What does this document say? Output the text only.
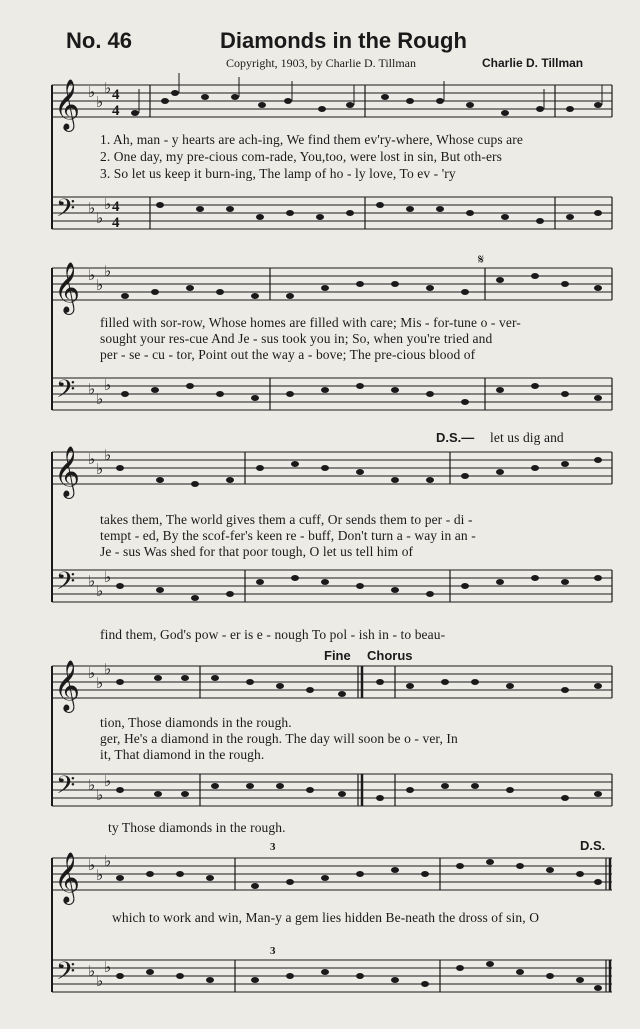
No. 46	Diamonds in the Rough
Copyright, 1903, by Charlie D. Tillman	Charlie D. Tillman
𝄞
𝄢
♭
♭
♭
♭
♭
♭
4
4
4
4
1. Ah, man - y hearts are ach-ing, We find them ev'ry-where, Whose cups are
2. One day, my pre-cious com-rade, You,too, were lost in sin, But oth-ers
3. So let us keep it burn-ing, The lamp of ho - ly love, To ev - 'ry
𝄞
𝄢
♭
♭
♭
♭
♭
♭
𝄋
filled with sor-row, Whose homes are filled with care; Mis - for-tune o - ver-
sought your res-cue And Je - sus took you in; So, when you're tried and
per - se - cu - tor, Point out the way a - bove; The pre-cious blood of
D.S.— let us dig and
𝄞
𝄢
♭
♭
♭
♭
♭
♭
takes them, The world gives them a cuff, Or sends them to per - di -
tempt - ed, By the scof-fer's keen re - buff, Don't turn a - way in an -
Je - sus Was shed for that poor tough, O let us tell him of
find them, God's pow - er is e - nough To pol - ish in - to beau-
𝄞
𝄢
♭
♭
♭
♭
♭
♭
Fine Chorus
tion, Those diamonds in the rough.
ger, He's a diamond in the rough. The day will soon be o - ver, In
it, That diamond in the rough.
ty Those diamonds in the rough.
𝄞
𝄢
♭
♭
♭
♭
♭
♭
3
3
D.S.
which to work and win, Man-y a gem lies hidden Be-neath the dross of sin, O
